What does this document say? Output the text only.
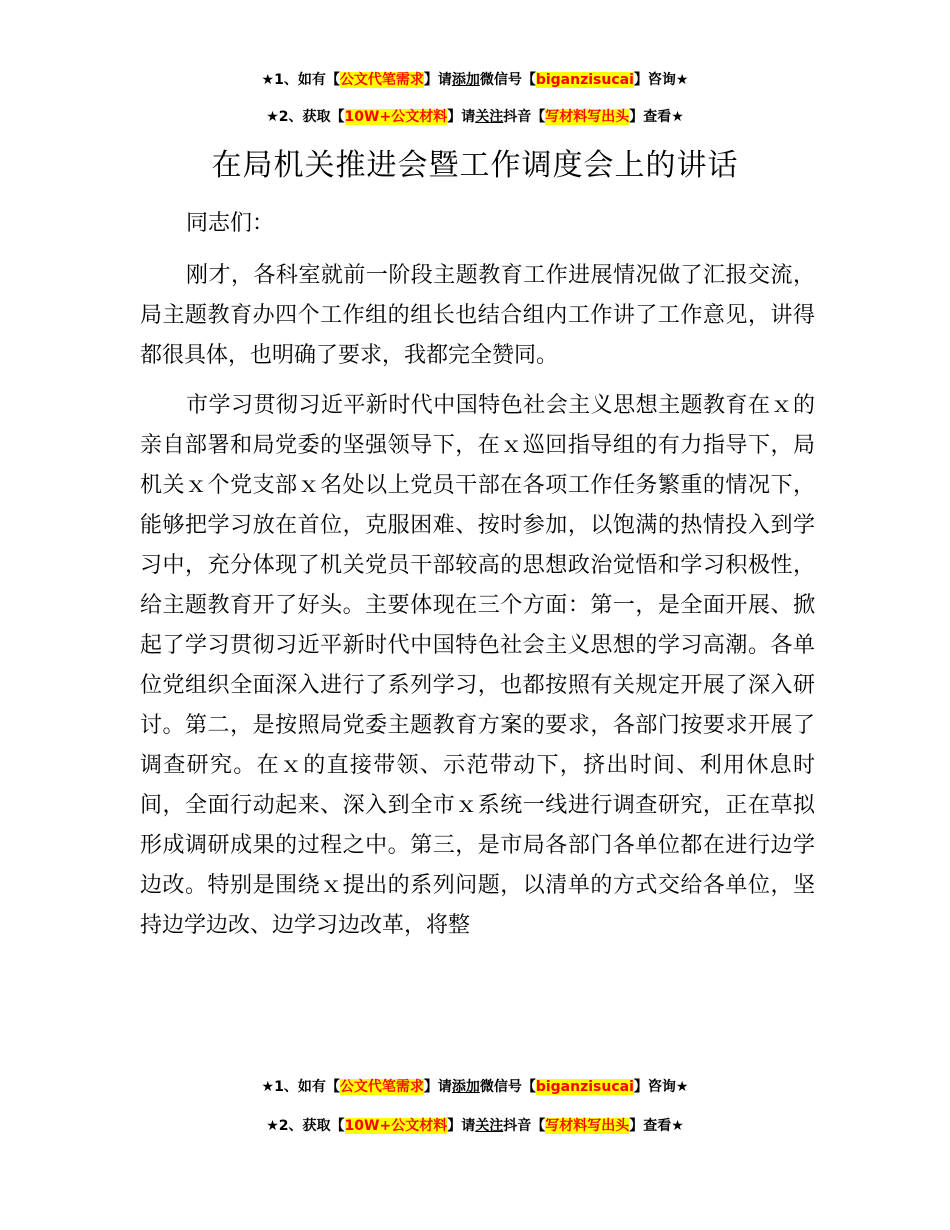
★1、如有【公文代笔需求】请添加微信号【biganzisucai】咨询★
★2、获取【10W+公文材料】请关注抖音【写材料写出头】查看★
在局机关推进会暨工作调度会上的讲话
同志们：

刚才，各科室就前一阶段主题教育工作进展情况做了汇报交流，局主题教育办四个工作组的组长也结合组内工作讲了工作意见，讲得都很具体，也明确了要求，我都完全赞同。

市学习贯彻习近平新时代中国特色社会主义思想主题教育在ｘ的亲自部署和局党委的坚强领导下，在ｘ巡回指导组的有力指导下，局机关ｘ个党支部ｘ名处以上党员干部在各项工作任务繁重的情况下，能够把学习放在首位，克服困难、按时参加，以饱满的热情投入到学习中，充分体现了机关党员干部较高的思想政治觉悟和学习积极性，给主题教育开了好头。主要体现在三个方面：第一，是全面开展、掀起了学习贯彻习近平新时代中国特色社会主义思想的学习高潮。各单位党组织全面深入进行了系列学习，也都按照有关规定开展了深入研讨。第二，是按照局党委主题教育方案的要求，各部门按要求开展了调查研究。在ｘ的直接带领、示范带动下，挤出时间、利用休息时间，全面行动起来、深入到全市ｘ系统一线进行调查研究，正在草拟形成调研成果的过程之中。第三，是市局各部门各单位都在进行边学边改。特别是围绕ｘ提出的系列问题，以清单的方式交给各单位，坚持边学边改、边学习边改革，将整

★1、如有【公文代笔需求】请添加微信号【biganzisucai】咨询★
★2、获取【10W+公文材料】请关注抖音【写材料写出头】查看★
